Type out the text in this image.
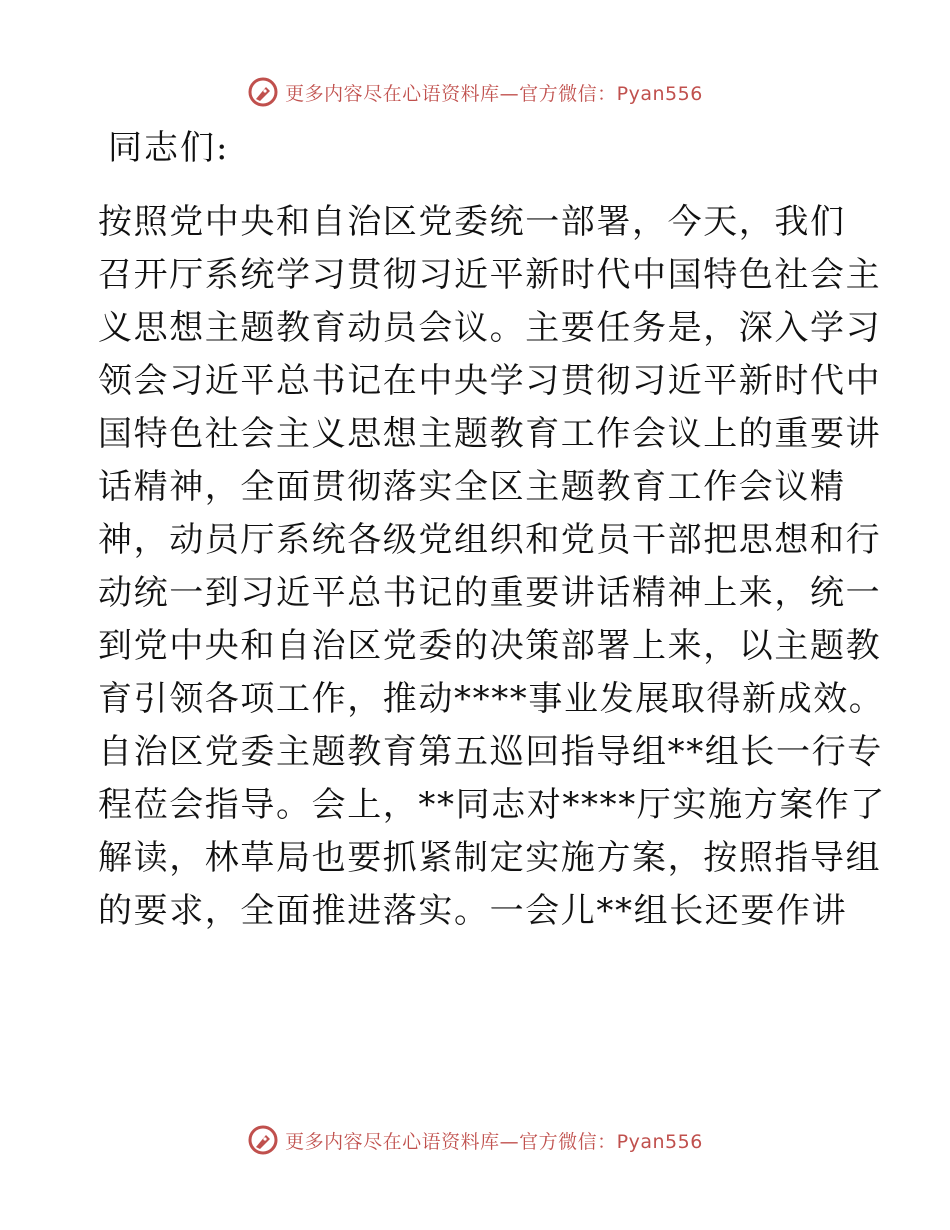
更多内容尽在心语资料库—官方微信：Pyan556
同志们:
按照党中央和自治区党委统一部署，今天，我们
召开厅系统学习贯彻习近平新时代中国特色社会主
义思想主题教育动员会议。主要任务是，深入学习
领会习近平总书记在中央学习贯彻习近平新时代中
国特色社会主义思想主题教育工作会议上的重要讲
话精神，全面贯彻落实全区主题教育工作会议精
神，动员厅系统各级党组织和党员干部把思想和行
动统一到习近平总书记的重要讲话精神上来，统一
到党中央和自治区党委的决策部署上来，以主题教
育引领各项工作，推动****事业发展取得新成效。
自治区党委主题教育第五巡回指导组**组长一行专
程莅会指导。会上，**同志对****厅实施方案作了
解读，林草局也要抓紧制定实施方案，按照指导组
的要求，全面推进落实。一会儿**组长还要作讲
更多内容尽在心语资料库—官方微信：Pyan556
